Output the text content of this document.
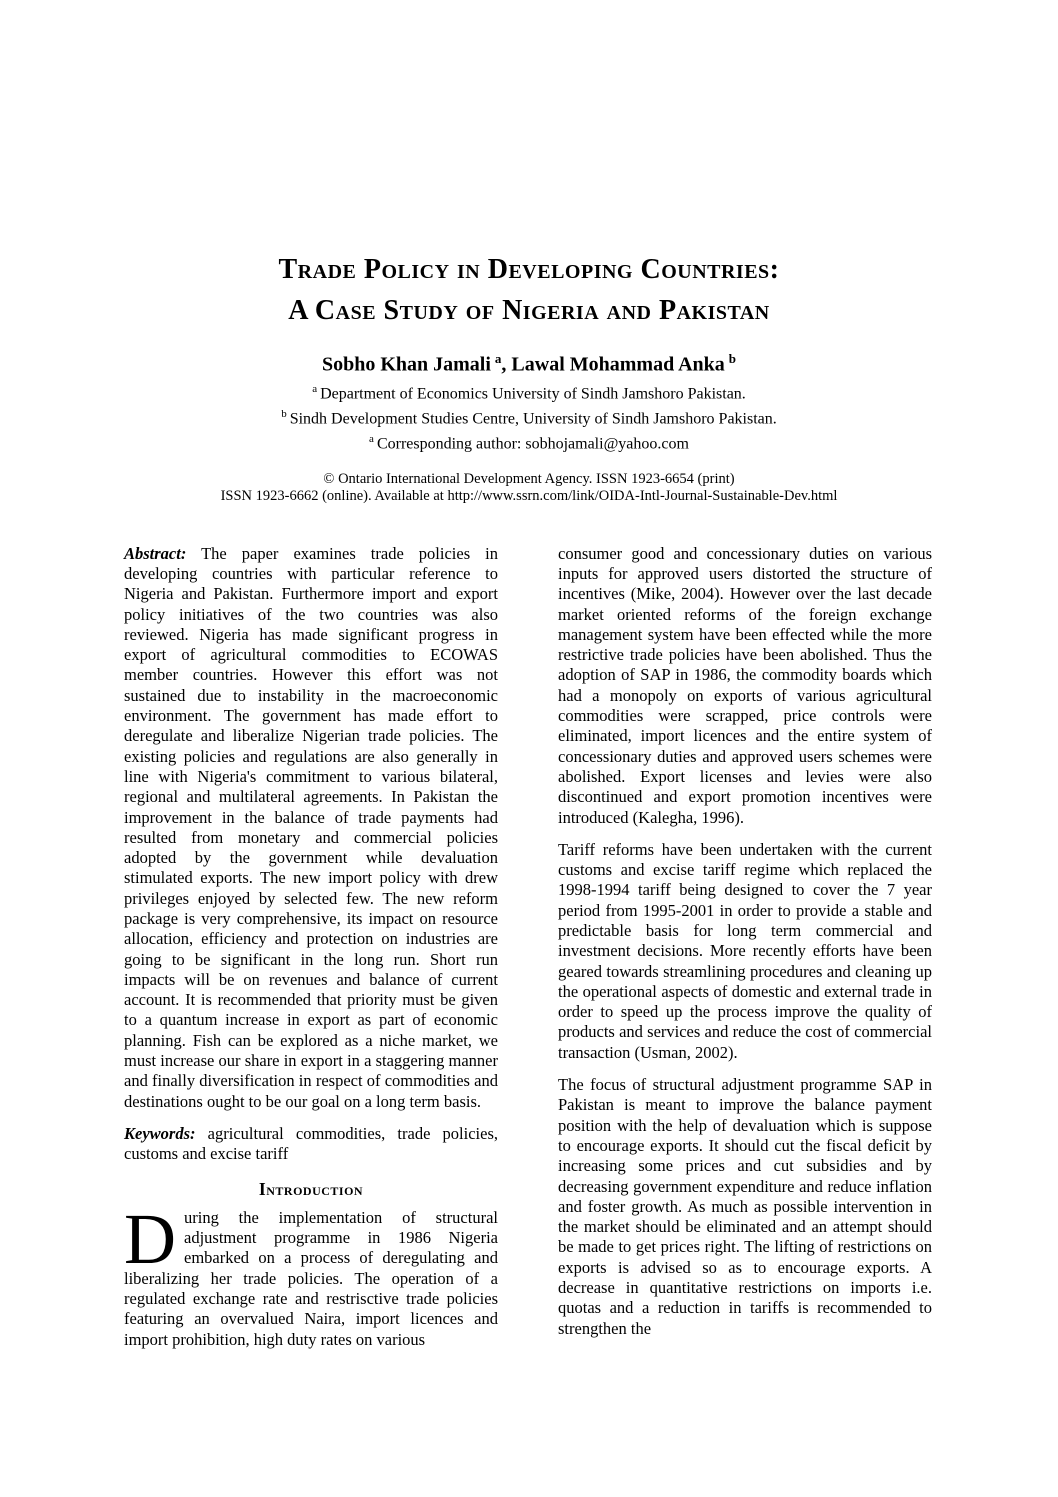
Trade Policy in Developing Countries:
A Case Study of Nigeria and Pakistan
Sobho Khan Jamali $^a$, Lawal Mohammad Anka $^b$
$^a$ Department of Economics University of Sindh Jamshoro Pakistan.
$^b$ Sindh Development Studies Centre, University of Sindh Jamshoro Pakistan.
$^a$ Corresponding author: sobhojamali@yahoo.com
© Ontario International Development Agency. ISSN 1923-6654 (print)
ISSN 1923-6662 (online). Available at http://www.ssrn.com/link/OIDA-Intl-Journal-Sustainable-Dev.html

Abstract: The paper examines trade policies in developing countries with particular reference to Nigeria and Pakistan. Furthermore import and export policy initiatives of the two countries was also reviewed. Nigeria has made significant progress in export of agricultural commodities to ECOWAS member countries. However this effort was not sustained due to instability in the macroeconomic environment. The government has made effort to deregulate and liberalize Nigerian trade policies. The existing policies and regulations are also generally in line with Nigeria's commitment to various bilateral, regional and multilateral agreements. In Pakistan the improvement in the balance of trade payments had resulted from monetary and commercial policies adopted by the government while devaluation stimulated exports. The new import policy with drew privileges enjoyed by selected few. The new reform package is very comprehensive, its impact on resource allocation, efficiency and protection on industries are going to be significant in the long run. Short run impacts will be on revenues and balance of current account. It is recommended that priority must be given to a quantum increase in export as part of economic planning. Fish can be explored as a niche market, we must increase our share in export in a staggering manner and finally diversification in respect of commodities and destinations ought to be our goal on a long term basis.

Keywords: agricultural commodities, trade policies, customs and excise tariff

Introduction

During the implementation of structural adjustment programme in 1986 Nigeria embarked on a process of deregulating and liberalizing her trade policies. The operation of a regulated exchange rate and restrisctive trade policies featuring an overvalued Naira, import licences and import prohibition, high duty rates on various

consumer good and concessionary duties on various inputs for approved users distorted the structure of incentives (Mike, 2004). However over the last decade market oriented reforms of the foreign exchange management system have been effected while the more restrictive trade policies have been abolished. Thus the adoption of SAP in 1986, the commodity boards which had a monopoly on exports of various agricultural commodities were scrapped, price controls were eliminated, import licences and the entire system of concessionary duties and approved users schemes were abolished. Export licenses and levies were also discontinued and export promotion incentives were introduced (Kalegha, 1996).

Tariff reforms have been undertaken with the current customs and excise tariff regime which replaced the 1998-1994 tariff being designed to cover the 7 year period from 1995-2001 in order to provide a stable and predictable basis for long term commercial and investment decisions. More recently efforts have been geared towards streamlining procedures and cleaning up the operational aspects of domestic and external trade in order to speed up the process improve the quality of products and services and reduce the cost of commercial transaction (Usman, 2002).

The focus of structural adjustment programme SAP in Pakistan is meant to improve the balance payment position with the help of devaluation which is suppose to encourage exports. It should cut the fiscal deficit by increasing some prices and cut subsidies and by decreasing government expenditure and reduce inflation and foster growth. As much as possible intervention in the market should be eliminated and an attempt should be made to get prices right. The lifting of restrictions on exports is advised so as to encourage exports. A decrease in quantitative restrictions on imports i.e. quotas and a reduction in tariffs is recommended to strengthen the
